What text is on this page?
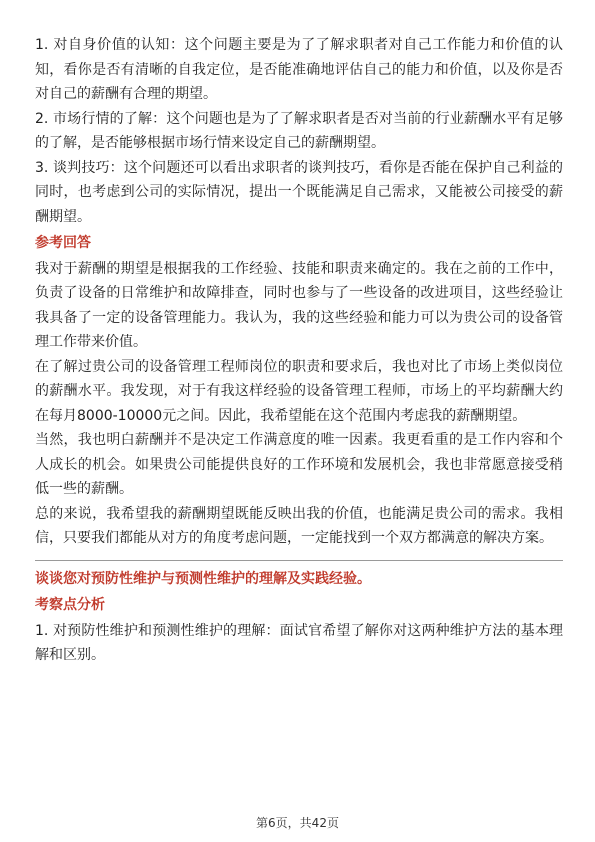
1. 对自身价值的认知：这个问题主要是为了了解求职者对自己工作能力和价值的认知，看你是否有清晰的自我定位，是否能准确地评估自己的能力和价值，以及你是否对自己的薪酬有合理的期望。

2. 市场行情的了解：这个问题也是为了了解求职者是否对当前的行业薪酬水平有足够的了解，是否能够根据市场行情来设定自己的薪酬期望。

3. 谈判技巧：这个问题还可以看出求职者的谈判技巧，看你是否能在保护自己利益的同时，也考虑到公司的实际情况，提出一个既能满足自己需求，又能被公司接受的薪酬期望。

参考回答

我对于薪酬的期望是根据我的工作经验、技能和职责来确定的。我在之前的工作中，负责了设备的日常维护和故障排查，同时也参与了一些设备的改进项目，这些经验让我具备了一定的设备管理能力。我认为，我的这些经验和能力可以为贵公司的设备管理工作带来价值。

在了解过贵公司的设备管理工程师岗位的职责和要求后，我也对比了市场上类似岗位的薪酬水平。我发现，对于有我这样经验的设备管理工程师，市场上的平均薪酬大约在每月8000-10000元之间。因此，我希望能在这个范围内考虑我的薪酬期望。

当然，我也明白薪酬并不是决定工作满意度的唯一因素。我更看重的是工作内容和个人成长的机会。如果贵公司能提供良好的工作环境和发展机会，我也非常愿意接受稍低一些的薪酬。

总的来说，我希望我的薪酬期望既能反映出我的价值，也能满足贵公司的需求。我相信，只要我们都能从对方的角度考虑问题，一定能找到一个双方都满意的解决方案。

谈谈您对预防性维护与预测性维护的理解及实践经验。
考察点分析

1. 对预防性维护和预测性维护的理解：面试官希望了解你对这两种维护方法的基本理解和区别。

第6页，共42页
